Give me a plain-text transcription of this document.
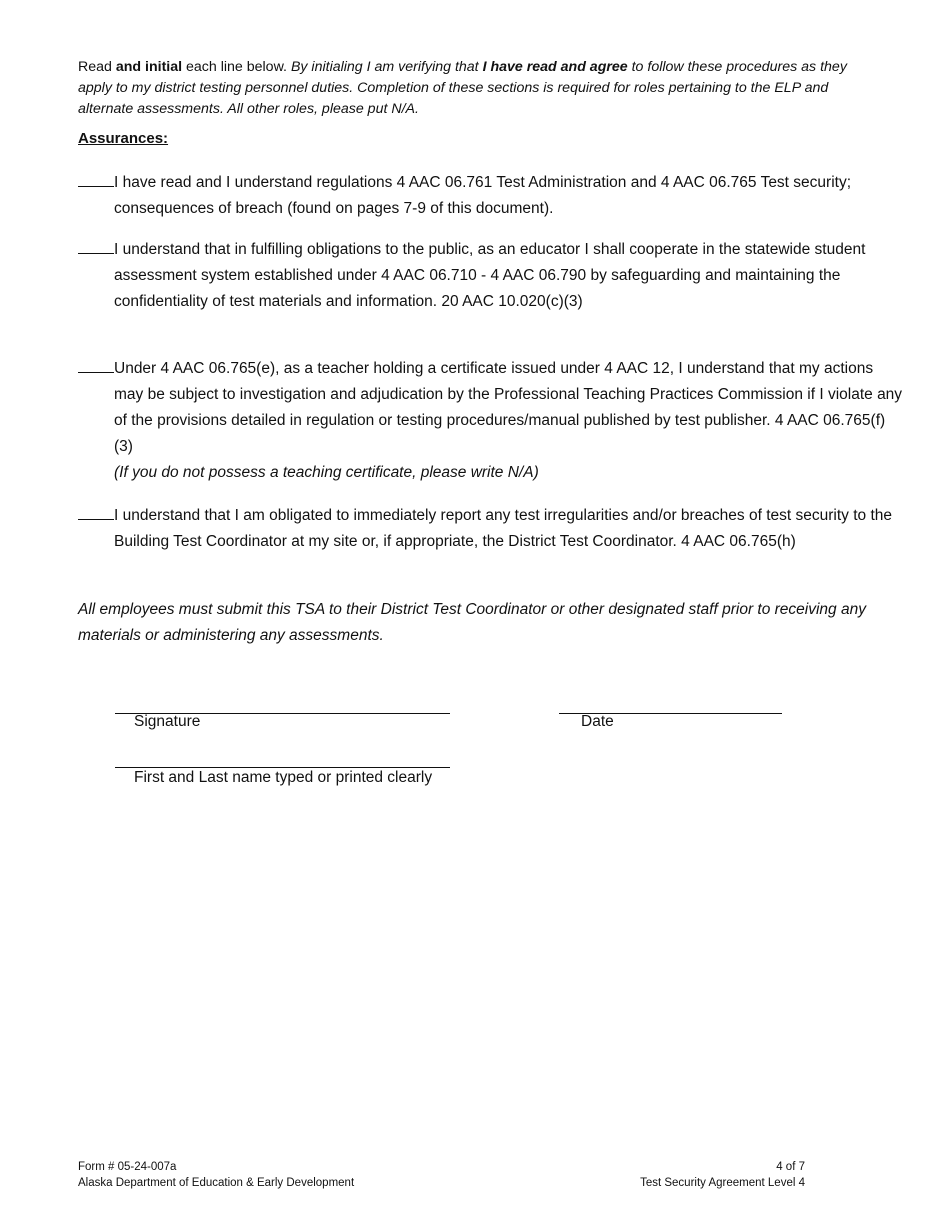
Read and initial each line below. By initialing I am verifying that I have read and agree to follow these procedures as they apply to my district testing personnel duties. Completion of these sections is required for roles pertaining to the ELP and alternate assessments. All other roles, please put N/A.
Assurances:
I have read and I understand regulations 4 AAC 06.761 Test Administration and 4 AAC 06.765 Test security; consequences of breach (found on pages 7-9 of this document).
I understand that in fulfilling obligations to the public, as an educator I shall cooperate in the statewide student assessment system established under 4 AAC 06.710 - 4 AAC 06.790 by safeguarding and maintaining the confidentiality of test materials and information. 20 AAC 10.020(c)(3)
Under 4 AAC 06.765(e), as a teacher holding a certificate issued under 4 AAC 12, I understand that my actions may be subject to investigation and adjudication by the Professional Teaching Practices Commission if I violate any of the provisions detailed in regulation or testing procedures/manual published by test publisher. 4 AAC 06.765(f)(3)
(If you do not possess a teaching certificate, please write N/A)
I understand that I am obligated to immediately report any test irregularities and/or breaches of test security to the Building Test Coordinator at my site or, if appropriate, the District Test Coordinator. 4 AAC 06.765(h)
All employees must submit this TSA to their District Test Coordinator or other designated staff prior to receiving any materials or administering any assessments.
Signature	Date
First and Last name typed or printed clearly
Form # 05-24-007a
Alaska Department of Education & Early Development
4 of 7
Test Security Agreement Level 4
